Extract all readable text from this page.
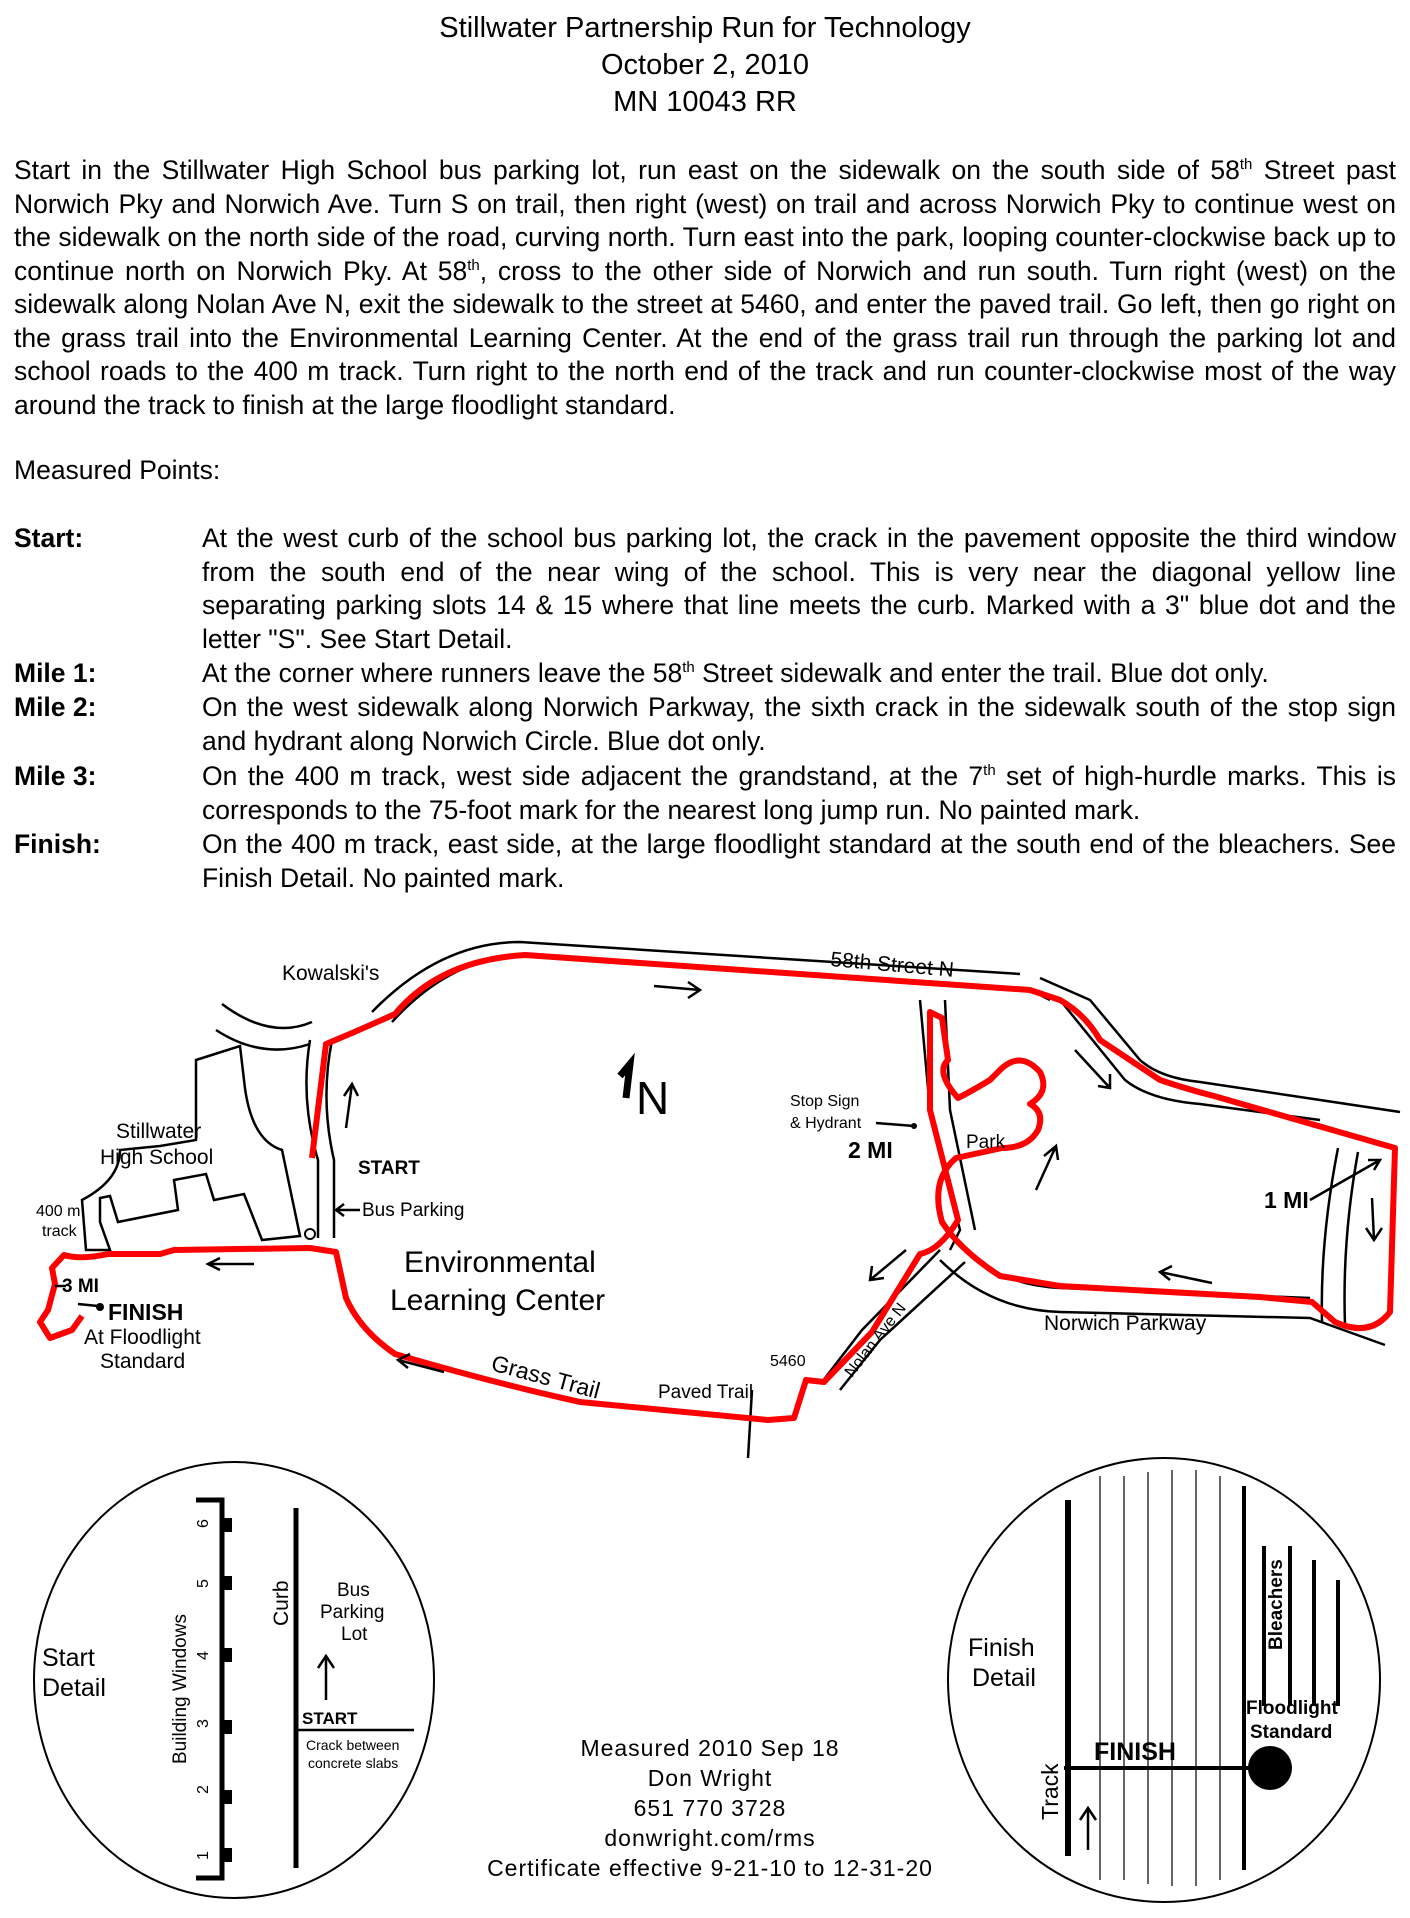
Stillwater Partnership Run for Technology
October 2, 2010
MN 10043 RR
Start in the Stillwater High School bus parking lot, run east on the sidewalk on the south side of 58th Street past Norwich Pky and Norwich Ave. Turn S on trail, then right (west) on trail and across Norwich Pky to continue west on the sidewalk on the north side of the road, curving north. Turn east into the park, looping counter-clockwise back up to continue north on Norwich Pky. At 58th, cross to the other side of Norwich and run south. Turn right (west) on the sidewalk along Nolan Ave N, exit the sidewalk to the street at 5460, and enter the paved trail. Go left, then go right on the grass trail into the Environmental Learning Center. At the end of the grass trail run through the parking lot and school roads to the 400 m track. Turn right to the north end of the track and run counter-clockwise most of the way around the track to finish at the large floodlight standard.
Measured Points:
Start:	At the west curb of the school bus parking lot, the crack in the pavement opposite the third window from the south end of the near wing of the school. This is very near the diagonal yellow line separating parking slots 14 & 15 where that line meets the curb. Marked with a 3" blue dot and the letter "S". See Start Detail.
Mile 1:	At the corner where runners leave the 58th Street sidewalk and enter the trail. Blue dot only.
Mile 2:	On the west sidewalk along Norwich Parkway, the sixth crack in the sidewalk south of the stop sign and hydrant along Norwich Circle. Blue dot only.
Mile 3:	On the 400 m track, west side adjacent the grandstand, at the 7th set of high-hurdle marks. This is corresponds to the 75-foot mark for the nearest long jump run. No painted mark.
Finish:	On the 400 m track, east side, at the large floodlight standard at the south end of the bleachers. See Finish Detail. No painted mark.
58th Street N
Kowalski's
Stillwater
High School
400 m
track
START
Bus Parking
N
Environmental
Learning Center
Stop Sign
& Hydrant
2 MI	Park
1 MI
Norwich Parkway
Nolan Ave N
5460
Paved Trail
Grass Trail
3 MI
FINISH
At Floodlight
Standard
1
2
3
4
5
6
Start
Detail	Building Windows
Curb Bus
Parking
Lot
START
Crack between
concrete slabs
Finish
Detail
Bleachers
Floodlight
Standard
FINISH
Track
Measured 2010 Sep 18
Don Wright
651 770 3728
donwright.com/rms
Certificate effective 9-21-10 to 12-31-20
